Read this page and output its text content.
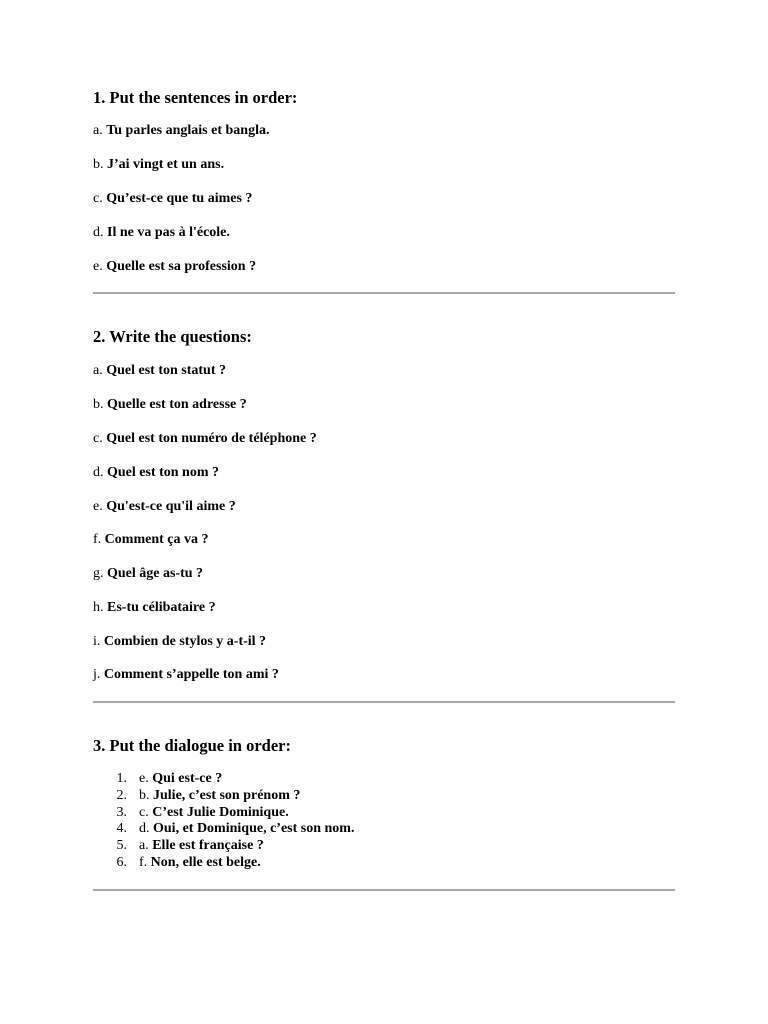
1. Put the sentences in order:
a. Tu parles anglais et bangla.
b. J’ai vingt et un ans.
c. Qu’est-ce que tu aimes ?
d. Il ne va pas à l'école.
e. Quelle est sa profession ?
2. Write the questions:
a. Quel est ton statut ?
b. Quelle est ton adresse ?
c. Quel est ton numéro de téléphone ?
d. Quel est ton nom ?
e. Qu'est-ce qu'il aime ?
f. Comment ça va ?
g. Quel âge as-tu ?
h. Es-tu célibataire ?
i. Combien de stylos y a-t-il ?
j. Comment s’appelle ton ami ?
3. Put the dialogue in order:
1. e. Qui est-ce ?
2. b. Julie, c’est son prénom ?
3. c. C’est Julie Dominique.
4. d. Oui, et Dominique, c’est son nom.
5. a. Elle est française ?
6. f. Non, elle est belge.
